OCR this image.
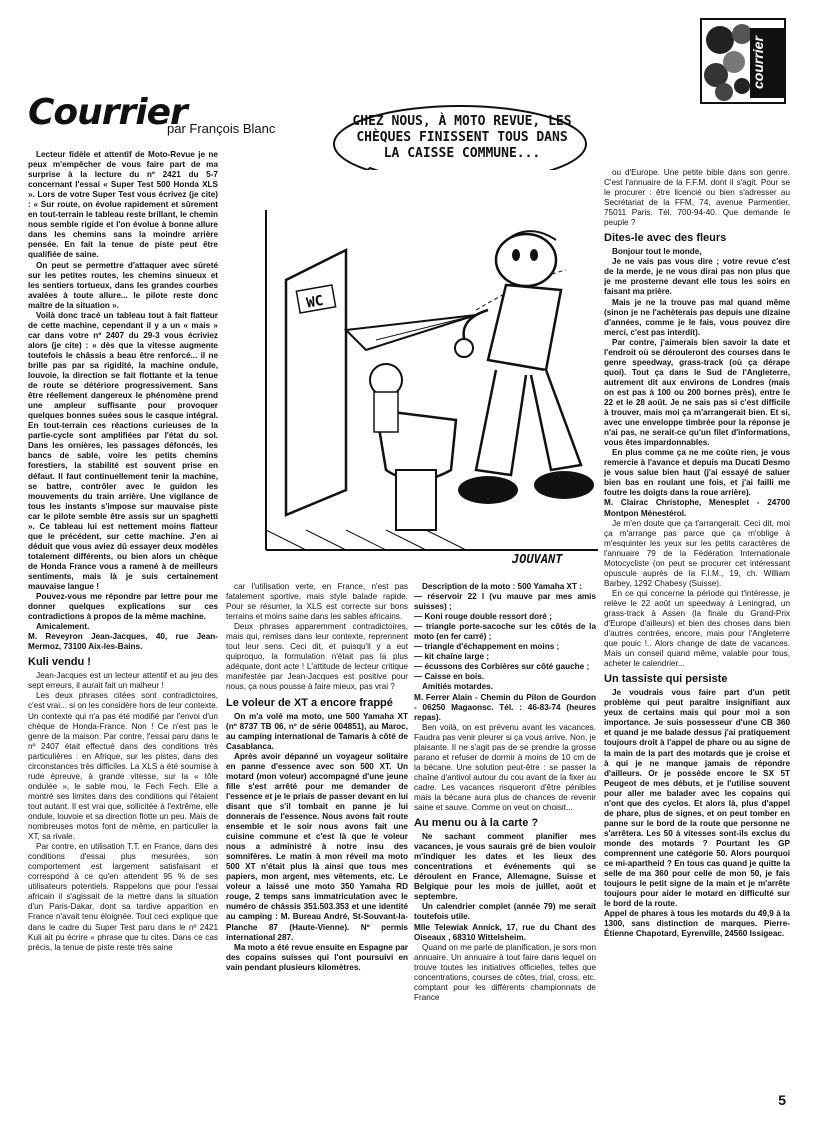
Courrier
par François Blanc
courrier
CHEZ NOUS, À MOTO REVUE, LES CHÈQUES FINISSENT TOUS DANS LA CAISSE COMMUNE...
WC
JOUVANT

Lecteur fidèle et attentif de Moto-Revue je ne peux m'empêcher de vous faire part de ma surprise à la lecture du nº 2421 du 5-7 concernant l'essai « Super Test 500 Honda XLS ». Lors de votre Super Test vous écrivez (je cite) : « Sur route, on évolue rapidement et sûrement en tout-terrain le tableau reste brillant, le chemin nous semble rigide et l'on évolue à bonne allure dans les chemins sans la moindre arrière pensée. En fait la tenue de piste peut être qualifiée de saine.

On peut se permettre d'attaquer avec sûreté sur les petites routes, les chemins sinueux et les sentiers tortueux, dans les grandes courbes avalées à toute allure... le pilote reste donc maître de la situation ».

Voilà donc tracé un tableau tout à fait flatteur de cette machine, cependant il y a un « mais » car dans votre nº 2407 du 29-3 vous écriviez alors (je cite) : « dès que la vitesse augmente toutefois le châssis a beau être renforcé... il ne brille pas par sa rigidité, la machine ondule, louvoie, la direction se fait flottante et la tenue de route se détériore progressivement. Sans être réellement dangereux le phénomène prend une ampleur suffisante pour provoquer quelques bonnes suées sous le casque intégral. En tout-terrain ces réactions curieuses de la partie-cycle sont amplifiées par l'état du sol. Dans les ornières, les passages défoncés, les bancs de sable, voire les petits chemins forestiers, la stabilité est souvent prise en défaut. Il faut continuellement tenir la machine, se battre, contrôler avec le guidon les mouvements du train arrière. Une vigilance de tous les instants s'impose sur mauvaise piste car le pilote semble être assis sur un spaghetti ». Ce tableau lui est nettement moins flatteur que le précédent, sur cette machine. J'en ai déduit que vous aviez dû essayer deux modèles totalement différents, ou bien alors un chèque de Honda France vous a ramené à de meilleurs sentiments, mais là je suis certainement mauvaise langue !

Pouvez-vous me répondre par lettre pour me donner quelques explications sur ces contradictions à propos de la même machine.

Amicalement.

M. Reveyron Jean-Jacques, 40, rue Jean-Mermoz, 73100 Aix-les-Bains.

Kuli vendu !

Jean-Jacques est un lecteur attentif et au jeu des sept erreurs, il aurait fait un malheur !

Les deux phrases citées sont contradictoires, c'est vrai... si on les considère hors de leur contexte. Un contexte qui n'a pas été modifié par l'envoi d'un chèque de Honda-France. Non ! Ce n'est pas le genre de la maison. Par contre, l'essai paru dans le nº 2407 était effectué dans des conditions très particulières : en Afrique, sur les pistes, dans des circonstances très difficiles. La XLS a été soumise à rude épreuve, à grande vitesse, sur la « tôle ondulée », le sable mou, le Fech Fech. Elle a montré ses limites dans des conditions qui l'étaient tout autant. Il est vrai que, sollicitée à l'extrême, elle ondule, louvoie et sa direction flotte un peu. Mais de nombreuses motos font de même, en particulier la XT, sa rivale.

Par contre, en utilisation T.T. en France, dans des conditions d'essai plus mesurées, son comportement est largement satisfaisant et correspond à ce qu'en attendent 95 % de ses utilisateurs potentiels. Rappelons que pour l'essai africain il s'agissait de la mettre dans la situation d'un Paris-Dakar, dont sa tardive apparition en France n'avait tenu éloignée. Tout ceci explique que dans le cadre du Super Test paru dans le nº 2421 Kuli ait pu écrire « phrase que tu cites. Dans ce cas précis, la tenue de piste reste très saine

car l'utilisation verte, en France, n'est pas fatalement sportive, mais style balade rapide. Pour se résumer, la XLS est correcte sur bons terrains et moins saine dans les sables africains.

Deux phrases apparemment contradictoires, mais qui, remises dans leur contexte, reprennent tout leur sens. Ceci dit, et puisqu'il y a eut quiproquo, la formulation n'était pas la plus adéquate, dont acte ! L'attitude de lecteur critique manifestée par Jean-Jacques est positive pour nous, ça nous pousse à faire mieux, pas vrai ?

Le voleur de XT a encore frappé

On m'a volé ma moto, une 500 Yamaha XT (nº 8737 TB 06, nº de série 004851), au Maroc, au camping international de Tamaris à côté de Casablanca.

Après avoir dépanné un voyageur solitaire en panne d'essence avec son 500 XT. Un motard (mon voleur) accompagné d'une jeune fille s'est arrêté pour me demander de l'essence et je le priais de passer devant en lui disant que s'il tombait en panne je lui donnerais de l'essence. Nous avons fait route ensemble et le soir nous avons fait une cuisine commune et c'est là que le voleur nous a administré à notre insu des somnifères. Le matin à mon réveil ma moto 500 XT n'était plus là ainsi que tous mes papiers, mon argent, mes vêtements, etc. Le voleur a laissé une moto 350 Yamaha RD rouge, 2 temps sans immatriculation avec le numéro de châssis 351.503.353 et une identité au camping : M. Bureau André, St-Souvant-la-Planche 87 (Haute-Vienne). Nº permis international 287.

Ma moto a été revue ensuite en Espagne par des copains suisses qui l'ont poursuivi en vain pendant plusieurs kilomètres.

Description de la moto : 500 Yamaha XT :

— réservoir 22 l (vu mauve par mes amis suisses) ;

— Koni rouge double ressort doré ;

— triangle porte-sacoche sur les côtés de la moto (en fer carré) ;

— triangle d'échappement en moins ;

— kit chaîne large ;

— écussons des Corbières sur côté gauche ;

— Caisse en bois.

Amitiés motardes.

M. Ferrer Alain - Chemin du Pilon de Gourdon - 06250 Magaonsc. Tél. : 46-83-74 (heures repas).

Ben voilà, on est prévenu avant les vacances. Faudra pas venir pleurer si ça vous arrive. Non, je plaisante. Il ne s'agit pas de se prendre la grosse parano et refuser de dormir à moins de 10 cm de la bécane. Une solution peut-être : se passer la chaîne d'antivol autour du cou avant de la fixer au cadre. Les vacances risqueront d'être pénibles mais la bécane aura plus de chances de revenir saine et sauve. Comme on veut on choisit...

Au menu ou à la carte ?

Ne sachant comment planifier mes vacances, je vous saurais gré de bien vouloir m'indiquer les dates et les lieux des concentrations et événements qui se déroulent en France, Allemagne, Suisse et Belgique pour les mois de juillet, août et septembre.

Un calendrier complet (année 79) me serait toutefois utile.

Mlle Telewiak Annick, 17, rue du Chant des Oiseaux , 68310 Wittelsheim.

Quand on me parle de planification, je sors mon annuaire. Un annuaire à tout faire dans lequel on trouve toutes les initiatives officielles, telles que concentrations, courses de côtes, trial, cross, etc. comptant pour les différents championnats de France

ou d'Europe. Une petite bible dans son genre. C'est l'annuaire de la F.F.M. dont il s'agit. Pour se le procurer : être licencié ou bien s'adresser au Secrétariat de la FFM, 74, avenue Parmentier, 75011 Paris. Tél. 700-94-40. Que demande le peuple ?

Dites-le avec des fleurs

Bonjour tout le monde,

Je ne vais pas vous dire ; votre revue c'est de la merde, je ne vous dirai pas non plus que je me prosterne devant elle tous les soirs en faisant ma prière.

Mais je ne la trouve pas mal quand même (sinon je ne l'achèterais pas depuis une dizaine d'années, comme je le fais, vous pouvez dire merci, c'est pas interdit).

Par contre, j'aimerais bien savoir la date et l'endroit où se dérouleront des courses dans le genre speedway, grass-track (où ça dérape quoi). Tout ça dans le Sud de l'Angleterre, autrement dit aux environs de Londres (mais on est pas à 100 ou 200 bornes près), entre le 22 et le 28 août. Je ne sais pas si c'est difficile à trouver, mais moi ça m'arrangerait bien. Et si, avec une enveloppe timbrée pour la réponse je n'ai pas, ne serait-ce qu'un filet d'informations, vous êtes impardonnables.

En plus comme ça ne me coûte rien, je vous remercie à l'avance et depuis ma Ducati Desmo je vous salue bien haut (j'ai essayé de saluer bien bas en roulant une fois, et j'ai failli me foutre les doigts dans la roue arrière).

M. Clairac Christophe, Menesplet - 24700 Montpon Ménestérol.

Je m'en doute que ça t'arrangerait. Ceci dit, moi ça m'arrange pas parce que ça m'oblige à m'esquinter les yeux sur les petits caractères de l'annuaire 79 de la Fédération Internationale Motocycliste (on peut se procurer cet intéressant opuscule auprès de la F.I.M., 19, ch. William Barbey, 1292 Chabesy (Suisse).

En ce qui concerne la période qui t'intéresse, je relève le 22 août un speedway à Leningrad, un grass-track à Assen (la finale du Grand-Prix d'Europe d'ailleurs) et bien des choses dans bien d'autres contrées, encore, mais pour l'Angleterre que pouic !.. Alors change de date de vacances. Mais un conseil quand même, valable pour tous, acheter le calendrier...

Un tassiste qui persiste

Je voudrais vous faire part d'un petit problème qui peut paraître insignifiant aux yeux de certains mais qui pour moi a son importance. Je suis possesseur d'une CB 360 et quand je me balade dessus j'ai pratiquement toujours droit à l'appel de phare ou au signe de la main de la part des motards que je croise et à qui je ne manque jamais de répondre d'ailleurs. Or je possède encore le SX 5T Peugeot de mes débuts, et je l'utilise souvent pour aller me balader avec les copains qui n'ont que des cyclos. Et alors là, plus d'appel de phare, plus de signes, et on peut tomber en panne sur le bord de la route que personne ne s'arrêtera. Les 50 à vitesses sont-ils exclus du monde des motards ? Pourtant les GP comprennent une catégorie 50. Alors pourquoi ce mi-apartheid ? En tous cas quand je quitte la selle de ma 360 pour celle de mon 50, je fais toujours le petit signe de la main et je m'arrête toujours pour aider le motard en difficulté sur le bord de la route.

Appel de phares à tous les motards du 49,9 à la 1300, sans distinction de marques. Pierre-Étienne Chapotard, Eyrenville, 24560 Issigeac.

5
